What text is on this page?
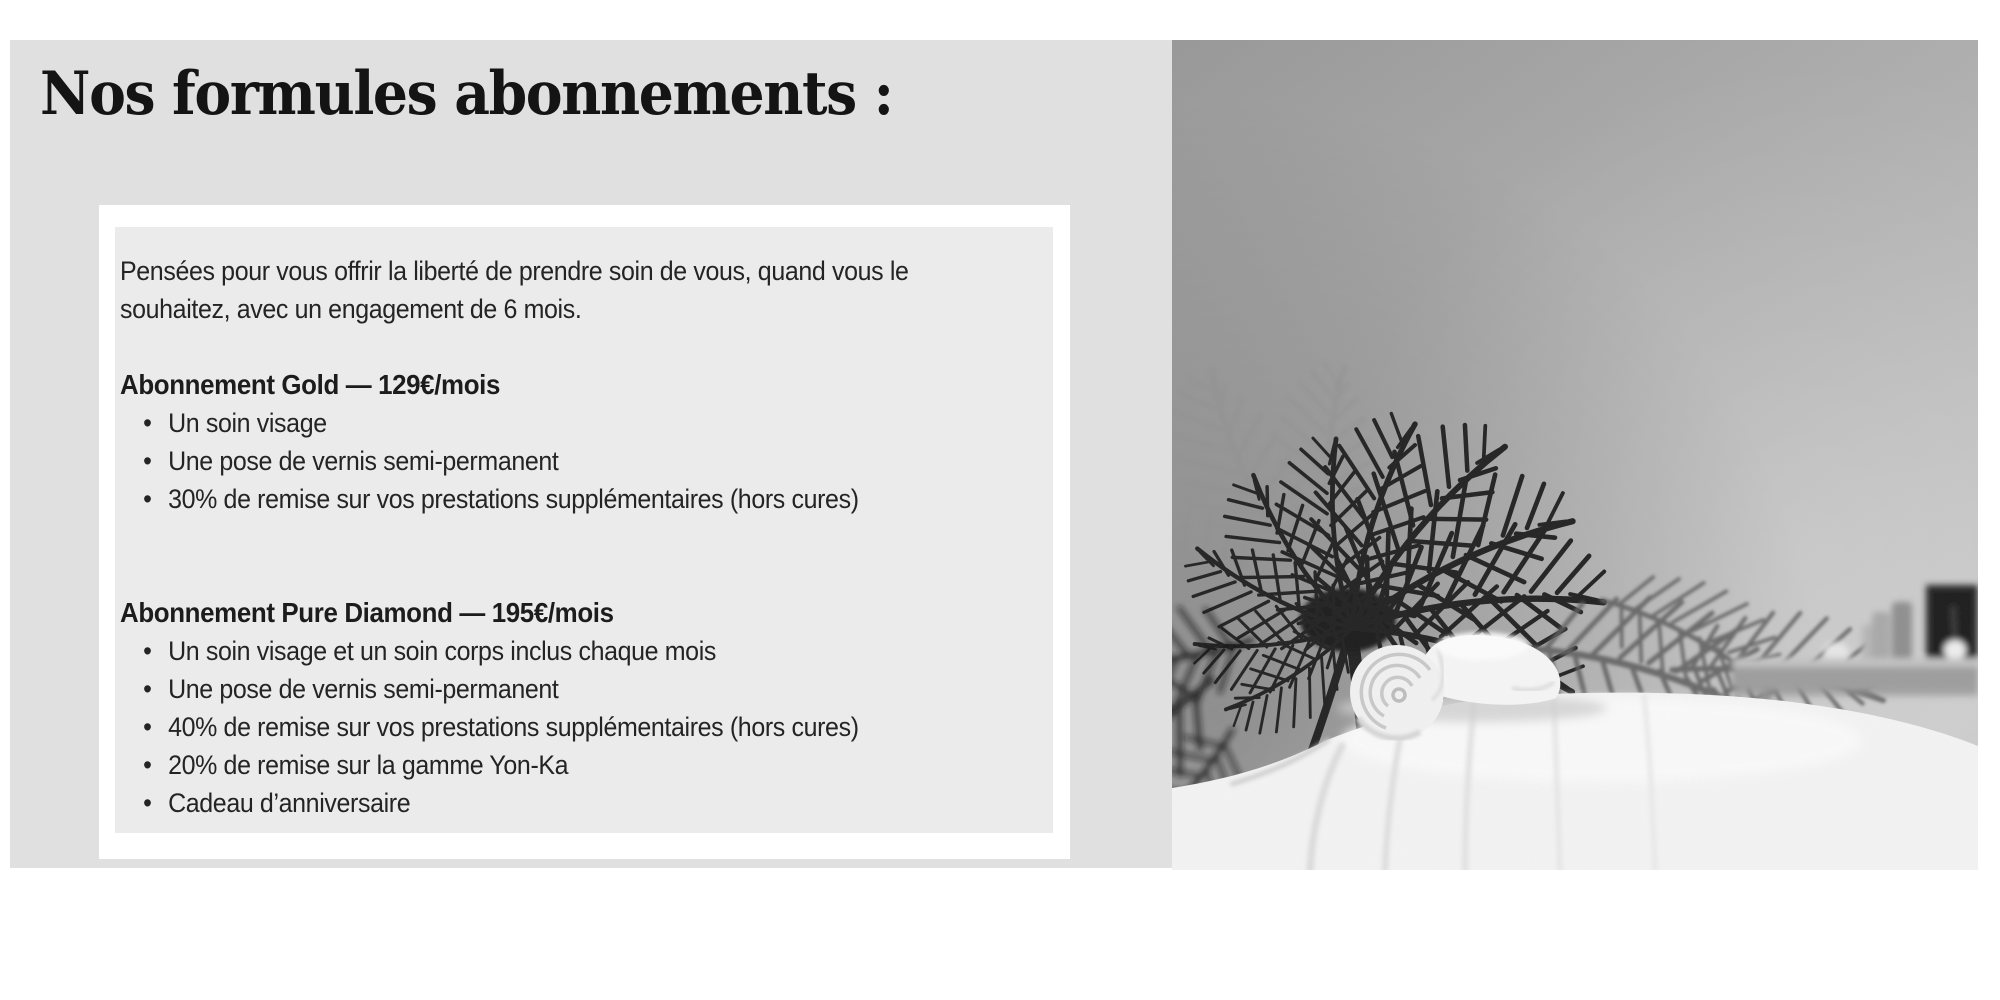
Nos formules abonnements :

Pensées pour vous offrir la liberté de prendre soin de vous, quand vous le
souhaitez, avec un engagement de 6 mois.

Abonnement Gold — 129€/mois
• Un soin visage
• Une pose de vernis semi-permanent
• 30% de remise sur vos prestations supplémentaires (hors cures)
Abonnement Pure Diamond — 195€/mois
• Un soin visage et un soin corps inclus chaque mois
• Une pose de vernis semi-permanent
• 40% de remise sur vos prestations supplémentaires (hors cures)
• 20% de remise sur la gamme Yon-Ka
• Cadeau d’anniversaire
